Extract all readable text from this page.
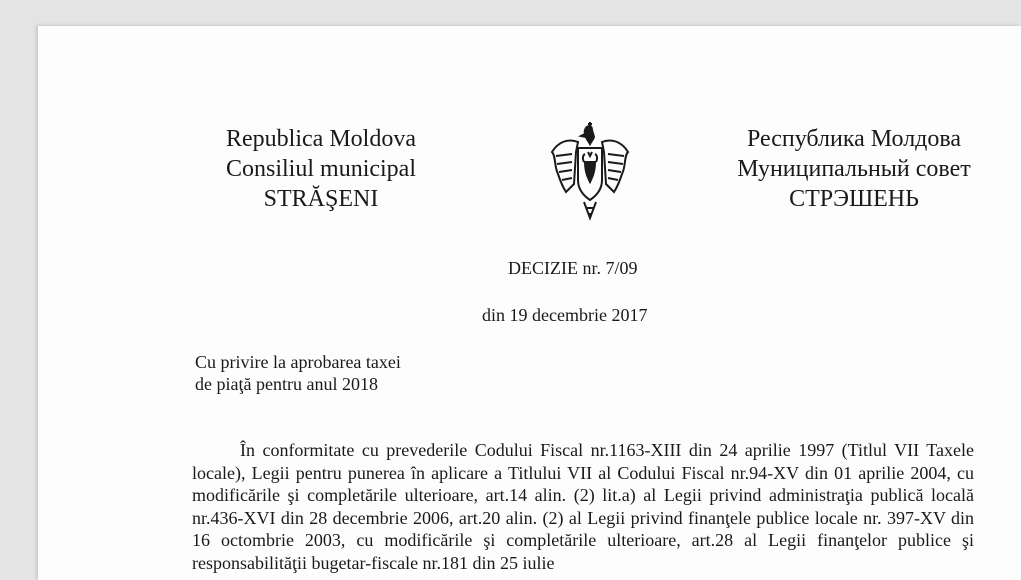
Republica Moldova
Consiliul municipal
STRĂŞENI
Республика Молдова
Муниципальный совет
СТРЭШЕНЬ
DECIZIE nr. 7/09
din 19 decembrie 2017
Cu privire la aprobarea taxei
de piaţă pentru anul 2018
În conformitate cu prevederile Codului Fiscal nr.1163-XIII din 24 aprilie 1997 (Titlul VII Taxele locale), Legii pentru punerea în aplicare a Titlului VII al Codului Fiscal nr.94-XV din 01 aprilie 2004, cu modificările şi completările ulterioare, art.14 alin. (2) lit.a) al Legii privind administraţia publică locală nr.436-XVI din 28 decembrie 2006, art.20 alin. (2) al Legii privind finanţele publice locale nr. 397-XV din 16 octombrie 2003, cu modificările şi completările ulterioare, art.28 al Legii finanţelor publice şi responsabilităţii bugetar-fiscale nr.181 din 25 iulie
